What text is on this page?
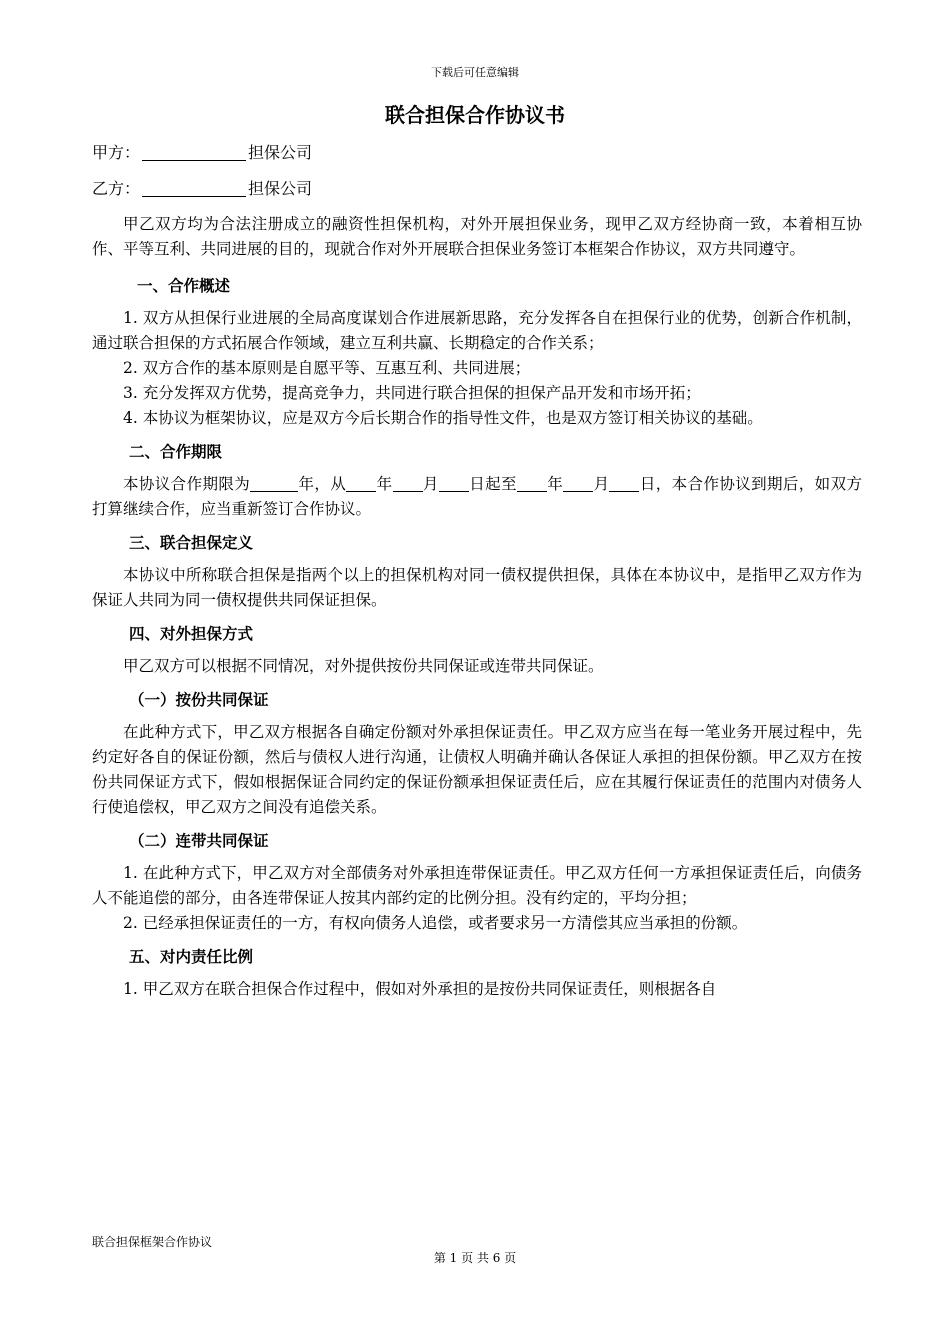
下载后可任意编辑
联合担保合作协议书
甲方：	担保公司
乙方：	担保公司

甲乙双方均为合法注册成立的融资性担保机构，对外开展担保业务，现甲乙双方经协商一致，本着相互协作、平等互利、共同进展的目的，现就合作对外开展联合担保业务签订本框架合作协议，双方共同遵守。

一、合作概述

1. 双方从担保行业进展的全局高度谋划合作进展新思路，充分发挥各自在担保行业的优势，创新合作机制，通过联合担保的方式拓展合作领域，建立互利共赢、长期稳定的合作关系；

2. 双方合作的基本原则是自愿平等、互惠互利、共同进展；

3. 充分发挥双方优势，提高竞争力，共同进行联合担保的担保产品开发和市场开拓；

4. 本协议为框架协议，应是双方今后长期合作的指导性文件，也是双方签订相关协议的基础。

二、合作期限

本协议合作期限为	年，从 年 月 日起至 年 月 日，本合作协议到期后，如双方打算继续合作，应当重新签订合作协议。

三、联合担保定义

本协议中所称联合担保是指两个以上的担保机构对同一债权提供担保，具体在本协议中，是指甲乙双方作为保证人共同为同一债权提供共同保证担保。

四、对外担保方式

甲乙双方可以根据不同情况，对外提供按份共同保证或连带共同保证。

（一）按份共同保证

在此种方式下，甲乙双方根据各自确定份额对外承担保证责任。甲乙双方应当在每一笔业务开展过程中，先约定好各自的保证份额，然后与债权人进行沟通，让债权人明确并确认各保证人承担的担保份额。甲乙双方在按份共同保证方式下，假如根据保证合同约定的保证份额承担保证责任后，应在其履行保证责任的范围内对债务人行使追偿权，甲乙双方之间没有追偿关系。

（二）连带共同保证

1. 在此种方式下，甲乙双方对全部债务对外承担连带保证责任。甲乙双方任何一方承担保证责任后，向债务人不能追偿的部分，由各连带保证人按其内部约定的比例分担。没有约定的，平均分担；

2. 已经承担保证责任的一方，有权向债务人追偿，或者要求另一方清偿其应当承担的份额。

五、对内责任比例

1. 甲乙双方在联合担保合作过程中，假如对外承担的是按份共同保证责任，则根据各自

联合担保框架合作协议
第 1 页 共 6 页
